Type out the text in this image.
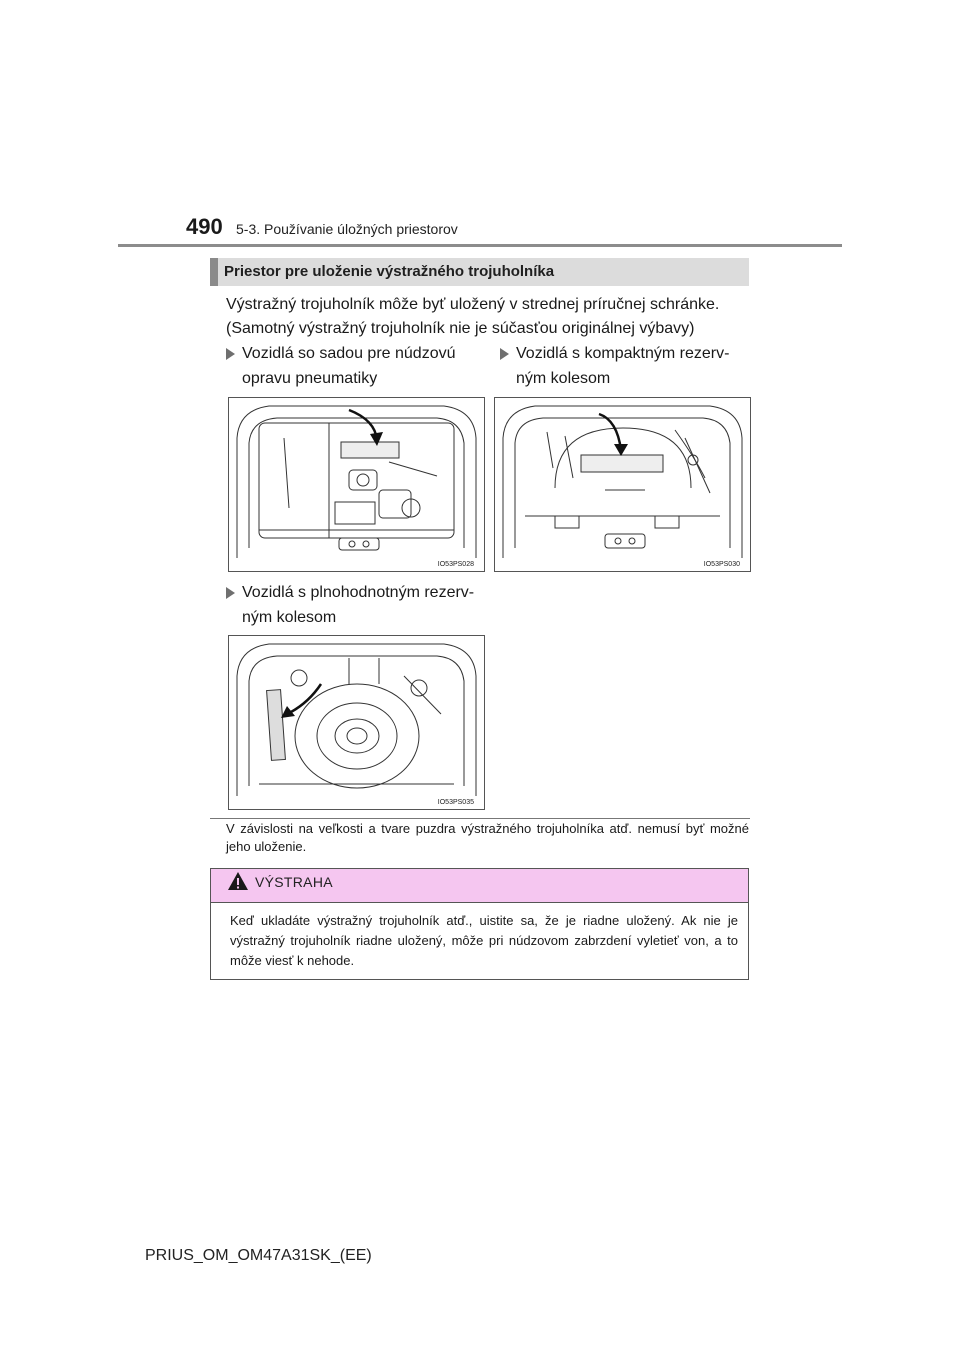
490 5-3. Používanie úložných priestorov
Priestor pre uloženie výstražného trojuholníka
Výstražný trojuholník môže byť uložený v strednej príručnej schránke.
(Samotný výstražný trojuholník nie je súčasťou originálnej výbavy)
Vozidlá so sadou pre núdzovú
opravu pneumatiky
Vozidlá s kompaktným rezerv-
ným kolesom
IO53PS028	IO53PS030
Vozidlá s plnohodnotným rezerv-
ným kolesom
IO53PS035
V závislosti na veľkosti a tvare puzdra výstražného trojuholníka atď. nemusí byť možné jeho uloženie.
VÝSTRAHA
Keď ukladáte výstražný trojuholník atď., uistite sa, že je riadne uložený. Ak nie je výstražný trojuholník riadne uložený, môže pri núdzovom zabrzdení vyletieť von, a to môže viesť k nehode.
PRIUS_OM_OM47A31SK_(EE)
